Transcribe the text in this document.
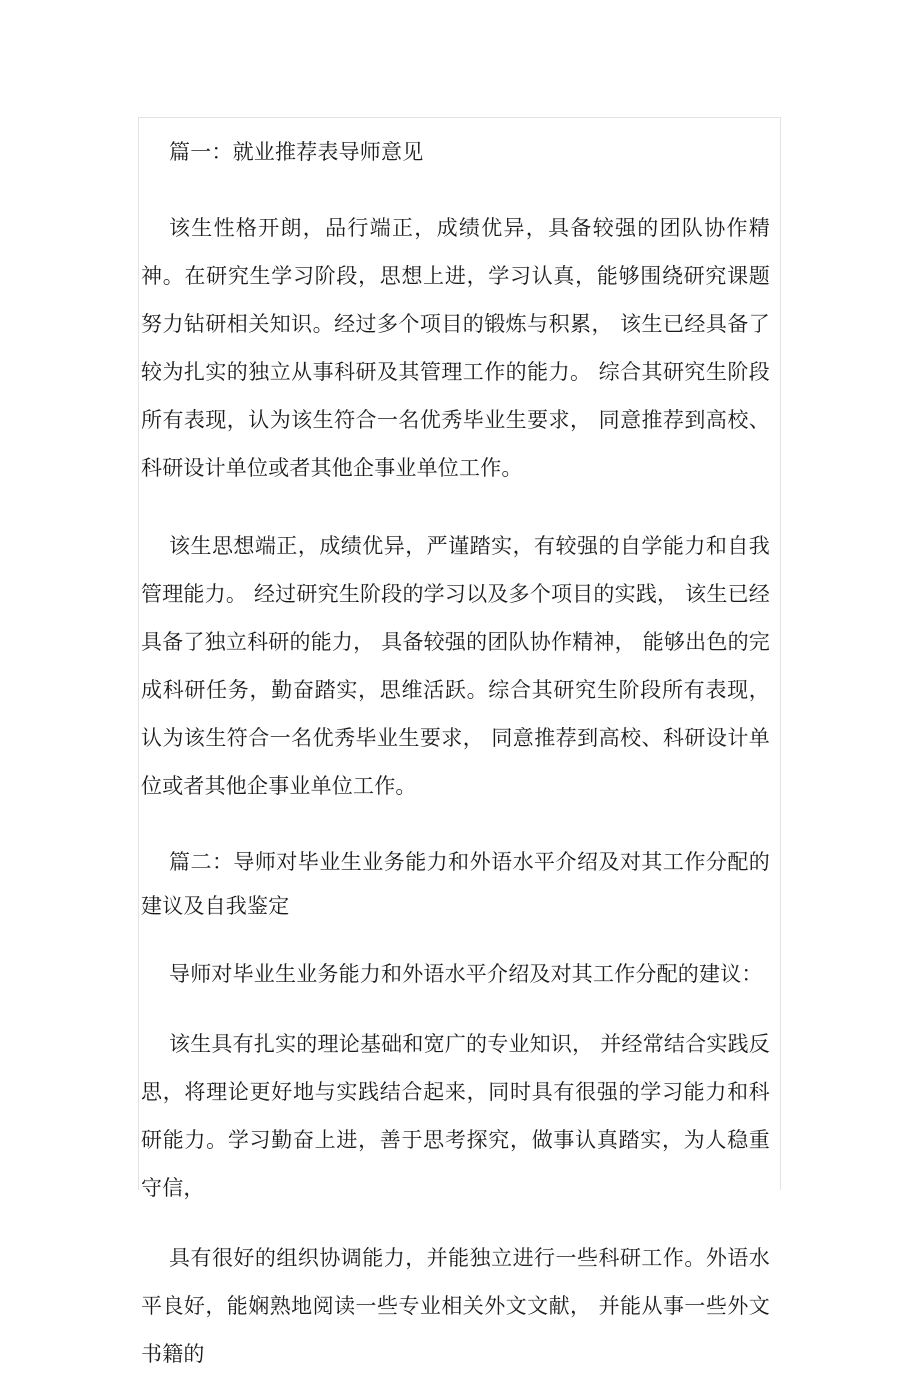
篇一：就业推荐表导师意见

该生性格开朗，品行端正，成绩优异，具备较强的团队协作精神。在研究生学习阶段，思想上进，学习认真，能够围绕研究课题努力钻研相关知识。经过多个项目的锻炼与积累， 该生已经具备了较为扎实的独立从事科研及其管理工作的能力。 综合其研究生阶段所有表现，认为该生符合一名优秀毕业生要求， 同意推荐到高校、科研设计单位或者其他企事业单位工作。

该生思想端正，成绩优异，严谨踏实，有较强的自学能力和自我管理能力。 经过研究生阶段的学习以及多个项目的实践， 该生已经具备了独立科研的能力， 具备较强的团队协作精神， 能够出色的完成科研任务，勤奋踏实，思维活跃。综合其研究生阶段所有表现，认为该生符合一名优秀毕业生要求， 同意推荐到高校、科研设计单位或者其他企事业单位工作。

篇二：导师对毕业生业务能力和外语水平介绍及对其工作分配的建议及自我鉴定

导师对毕业生业务能力和外语水平介绍及对其工作分配的建议：

该生具有扎实的理论基础和宽广的专业知识， 并经常结合实践反思，将理论更好地与实践结合起来，同时具有很强的学习能力和科研能力。学习勤奋上进，善于思考探究，做事认真踏实，为人稳重守信，

具有很好的组织协调能力，并能独立进行一些科研工作。外语水平良好，能娴熟地阅读一些专业相关外文文献， 并能从事一些外文书籍的
